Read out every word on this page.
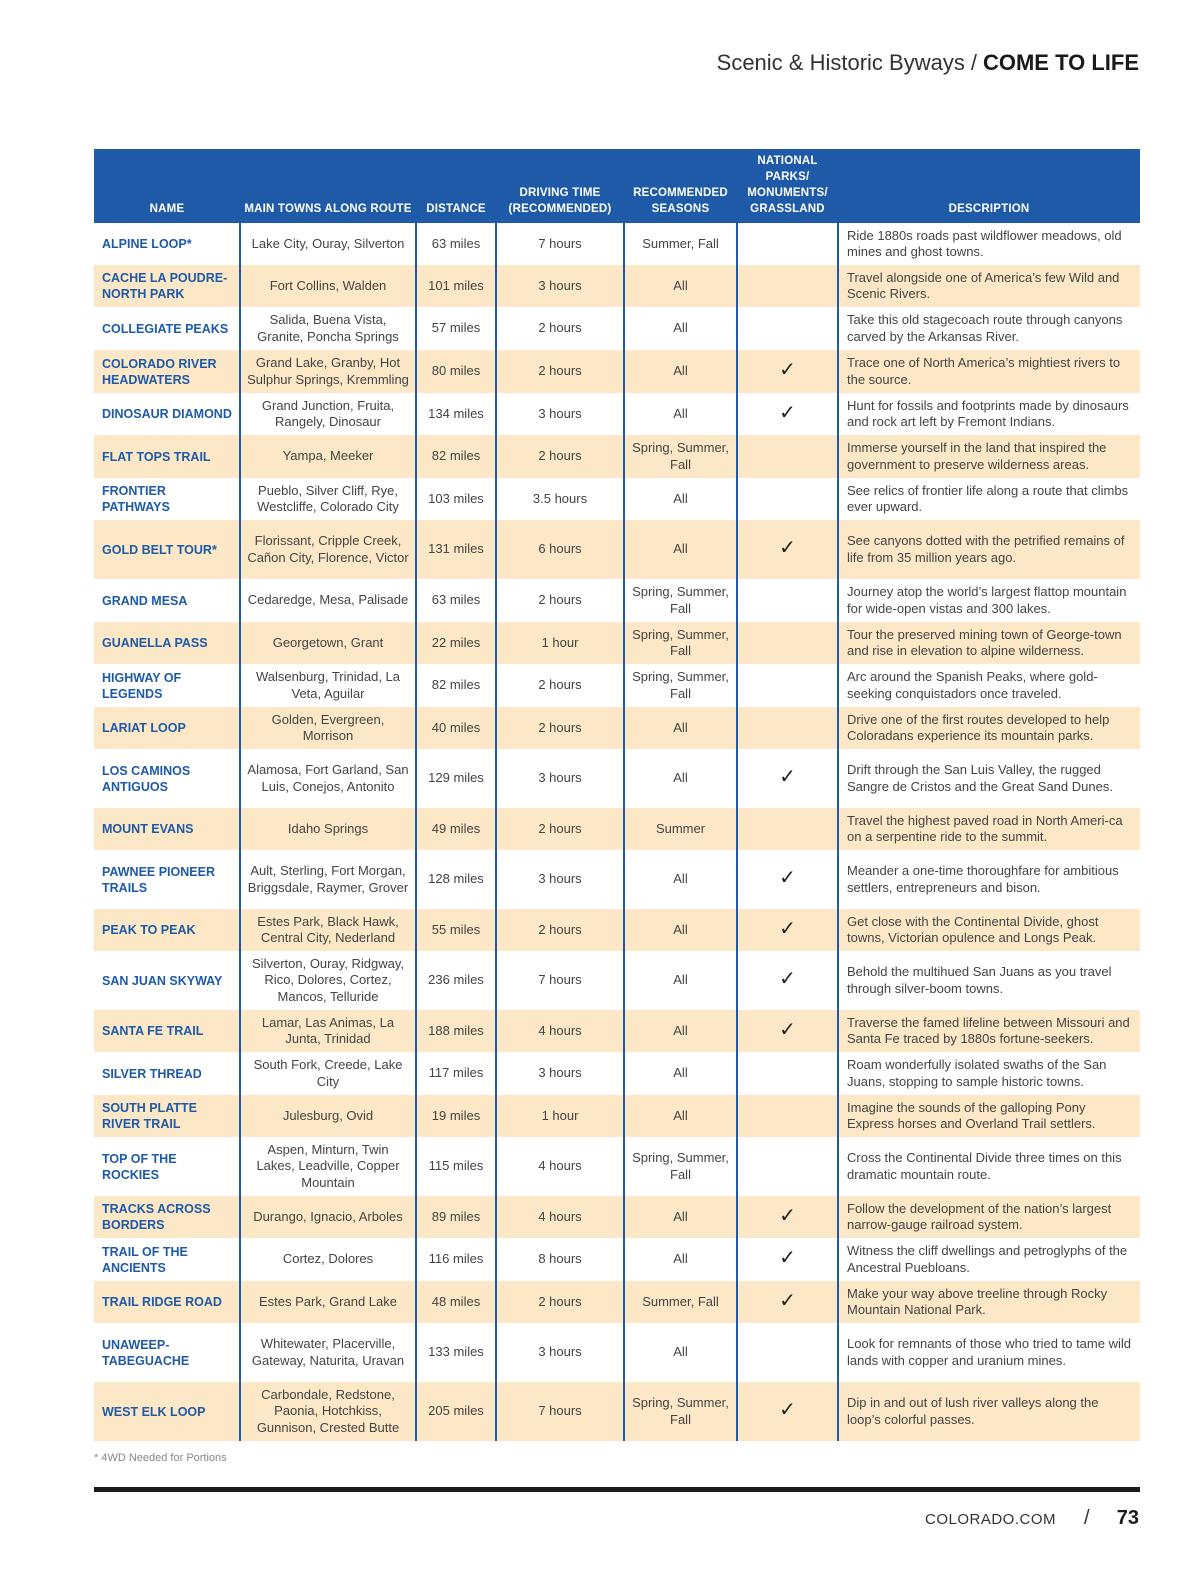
Scenic & Historic Byways / COME TO LIFE
NAME	MAIN TOWNS ALONG ROUTE	DISTANCE	DRIVING TIME (RECOMMENDED)	RECOMMENDED SEASONS	NATIONAL PARKS/ MONUMENTS/ GRASSLAND	DESCRIPTION
ALPINE LOOP*	Lake City, Ouray, Silverton	63 miles	7 hours	Summer, Fall		Ride 1880s roads past wildflower meadows, old mines and ghost towns.
CACHE LA POUDRE-NORTH PARK	Fort Collins, Walden	101 miles	3 hours	All		Travel alongside one of America’s few Wild and Scenic Rivers.
COLLEGIATE PEAKS	Salida, Buena Vista, Granite, Poncha Springs	57 miles	2 hours	All		Take this old stagecoach route through canyons carved by the Arkansas River.
COLORADO RIVER HEADWATERS	Grand Lake, Granby, Hot Sulphur Springs, Kremmling	80 miles	2 hours	All	✓	Trace one of North America’s mightiest rivers to the source.
DINOSAUR DIAMOND	Grand Junction, Fruita, Rangely, Dinosaur	134 miles	3 hours	All	✓	Hunt for fossils and footprints made by dinosaurs and rock art left by Fremont Indians.
FLAT TOPS TRAIL	Yampa, Meeker	82 miles	2 hours	Spring, Summer, Fall		Immerse yourself in the land that inspired the government to preserve wilderness areas.
FRONTIER PATHWAYS	Pueblo, Silver Cliff, Rye, Westcliffe, Colorado City	103 miles	3.5 hours	All		See relics of frontier life along a route that climbs ever upward.
GOLD BELT TOUR*	Florissant, Cripple Creek, Cañon City, Florence, Victor	131 miles	6 hours	All	✓	See canyons dotted with the petrified remains of life from 35 million years ago.
GRAND MESA	Cedaredge, Mesa, Palisade	63 miles	2 hours	Spring, Summer, Fall		Journey atop the world’s largest flattop mountain for wide-open vistas and 300 lakes.
GUANELLA PASS	Georgetown, Grant	22 miles	1 hour	Spring, Summer, Fall		Tour the preserved mining town of George-town and rise in elevation to alpine wilderness.
HIGHWAY OF LEGENDS	Walsenburg, Trinidad, La Veta, Aguilar	82 miles	2 hours	Spring, Summer, Fall		Arc around the Spanish Peaks, where gold-seeking conquistadors once traveled.
LARIAT LOOP	Golden, Evergreen, Morrison	40 miles	2 hours	All		Drive one of the first routes developed to help Coloradans experience its mountain parks.
LOS CAMINOS ANTIGUOS	Alamosa, Fort Garland, San Luis, Conejos, Antonito	129 miles	3 hours	All	✓	Drift through the San Luis Valley, the rugged Sangre de Cristos and the Great Sand Dunes.
MOUNT EVANS	Idaho Springs	49 miles	2 hours	Summer		Travel the highest paved road in North Ameri-ca on a serpentine ride to the summit.
PAWNEE PIONEER TRAILS	Ault, Sterling, Fort Morgan, Briggsdale, Raymer, Grover	128 miles	3 hours	All	✓	Meander a one-time thoroughfare for ambitious settlers, entrepreneurs and bison.
PEAK TO PEAK	Estes Park, Black Hawk, Central City, Nederland	55 miles	2 hours	All	✓	Get close with the Continental Divide, ghost towns, Victorian opulence and Longs Peak.
SAN JUAN SKYWAY	Silverton, Ouray, Ridgway, Rico, Dolores, Cortez, Mancos, Telluride	236 miles	7 hours	All	✓	Behold the multihued San Juans as you travel through silver-boom towns.
SANTA FE TRAIL	Lamar, Las Animas, La Junta, Trinidad	188 miles	4 hours	All	✓	Traverse the famed lifeline between Missouri and Santa Fe traced by 1880s fortune-seekers.
SILVER THREAD	South Fork, Creede, Lake City	117 miles	3 hours	All		Roam wonderfully isolated swaths of the San Juans, stopping to sample historic towns.
SOUTH PLATTE RIVER TRAIL	Julesburg, Ovid	19 miles	1 hour	All		Imagine the sounds of the galloping Pony Express horses and Overland Trail settlers.
TOP OF THE ROCKIES	Aspen, Minturn, Twin Lakes, Leadville, Copper Mountain	115 miles	4 hours	Spring, Summer, Fall		Cross the Continental Divide three times on this dramatic mountain route.
TRACKS ACROSS BORDERS	Durango, Ignacio, Arboles	89 miles	4 hours	All	✓	Follow the development of the nation’s largest narrow-gauge railroad system.
TRAIL OF THE ANCIENTS	Cortez, Dolores	116 miles	8 hours	All	✓	Witness the cliff dwellings and petroglyphs of the Ancestral Puebloans.
TRAIL RIDGE ROAD	Estes Park, Grand Lake	48 miles	2 hours	Summer, Fall	✓	Make your way above treeline through Rocky Mountain National Park.
UNAWEEP-TABEGUACHE	Whitewater, Placerville, Gateway, Naturita, Uravan	133 miles	3 hours	All		Look for remnants of those who tried to tame wild lands with copper and uranium mines.
WEST ELK LOOP	Carbondale, Redstone, Paonia, Hotchkiss, Gunnison, Crested Butte	205 miles	7 hours	Spring, Summer, Fall	✓	Dip in and out of lush river valleys along the loop’s colorful passes.
* 4WD Needed for Portions
COLORADO.COM / 73
